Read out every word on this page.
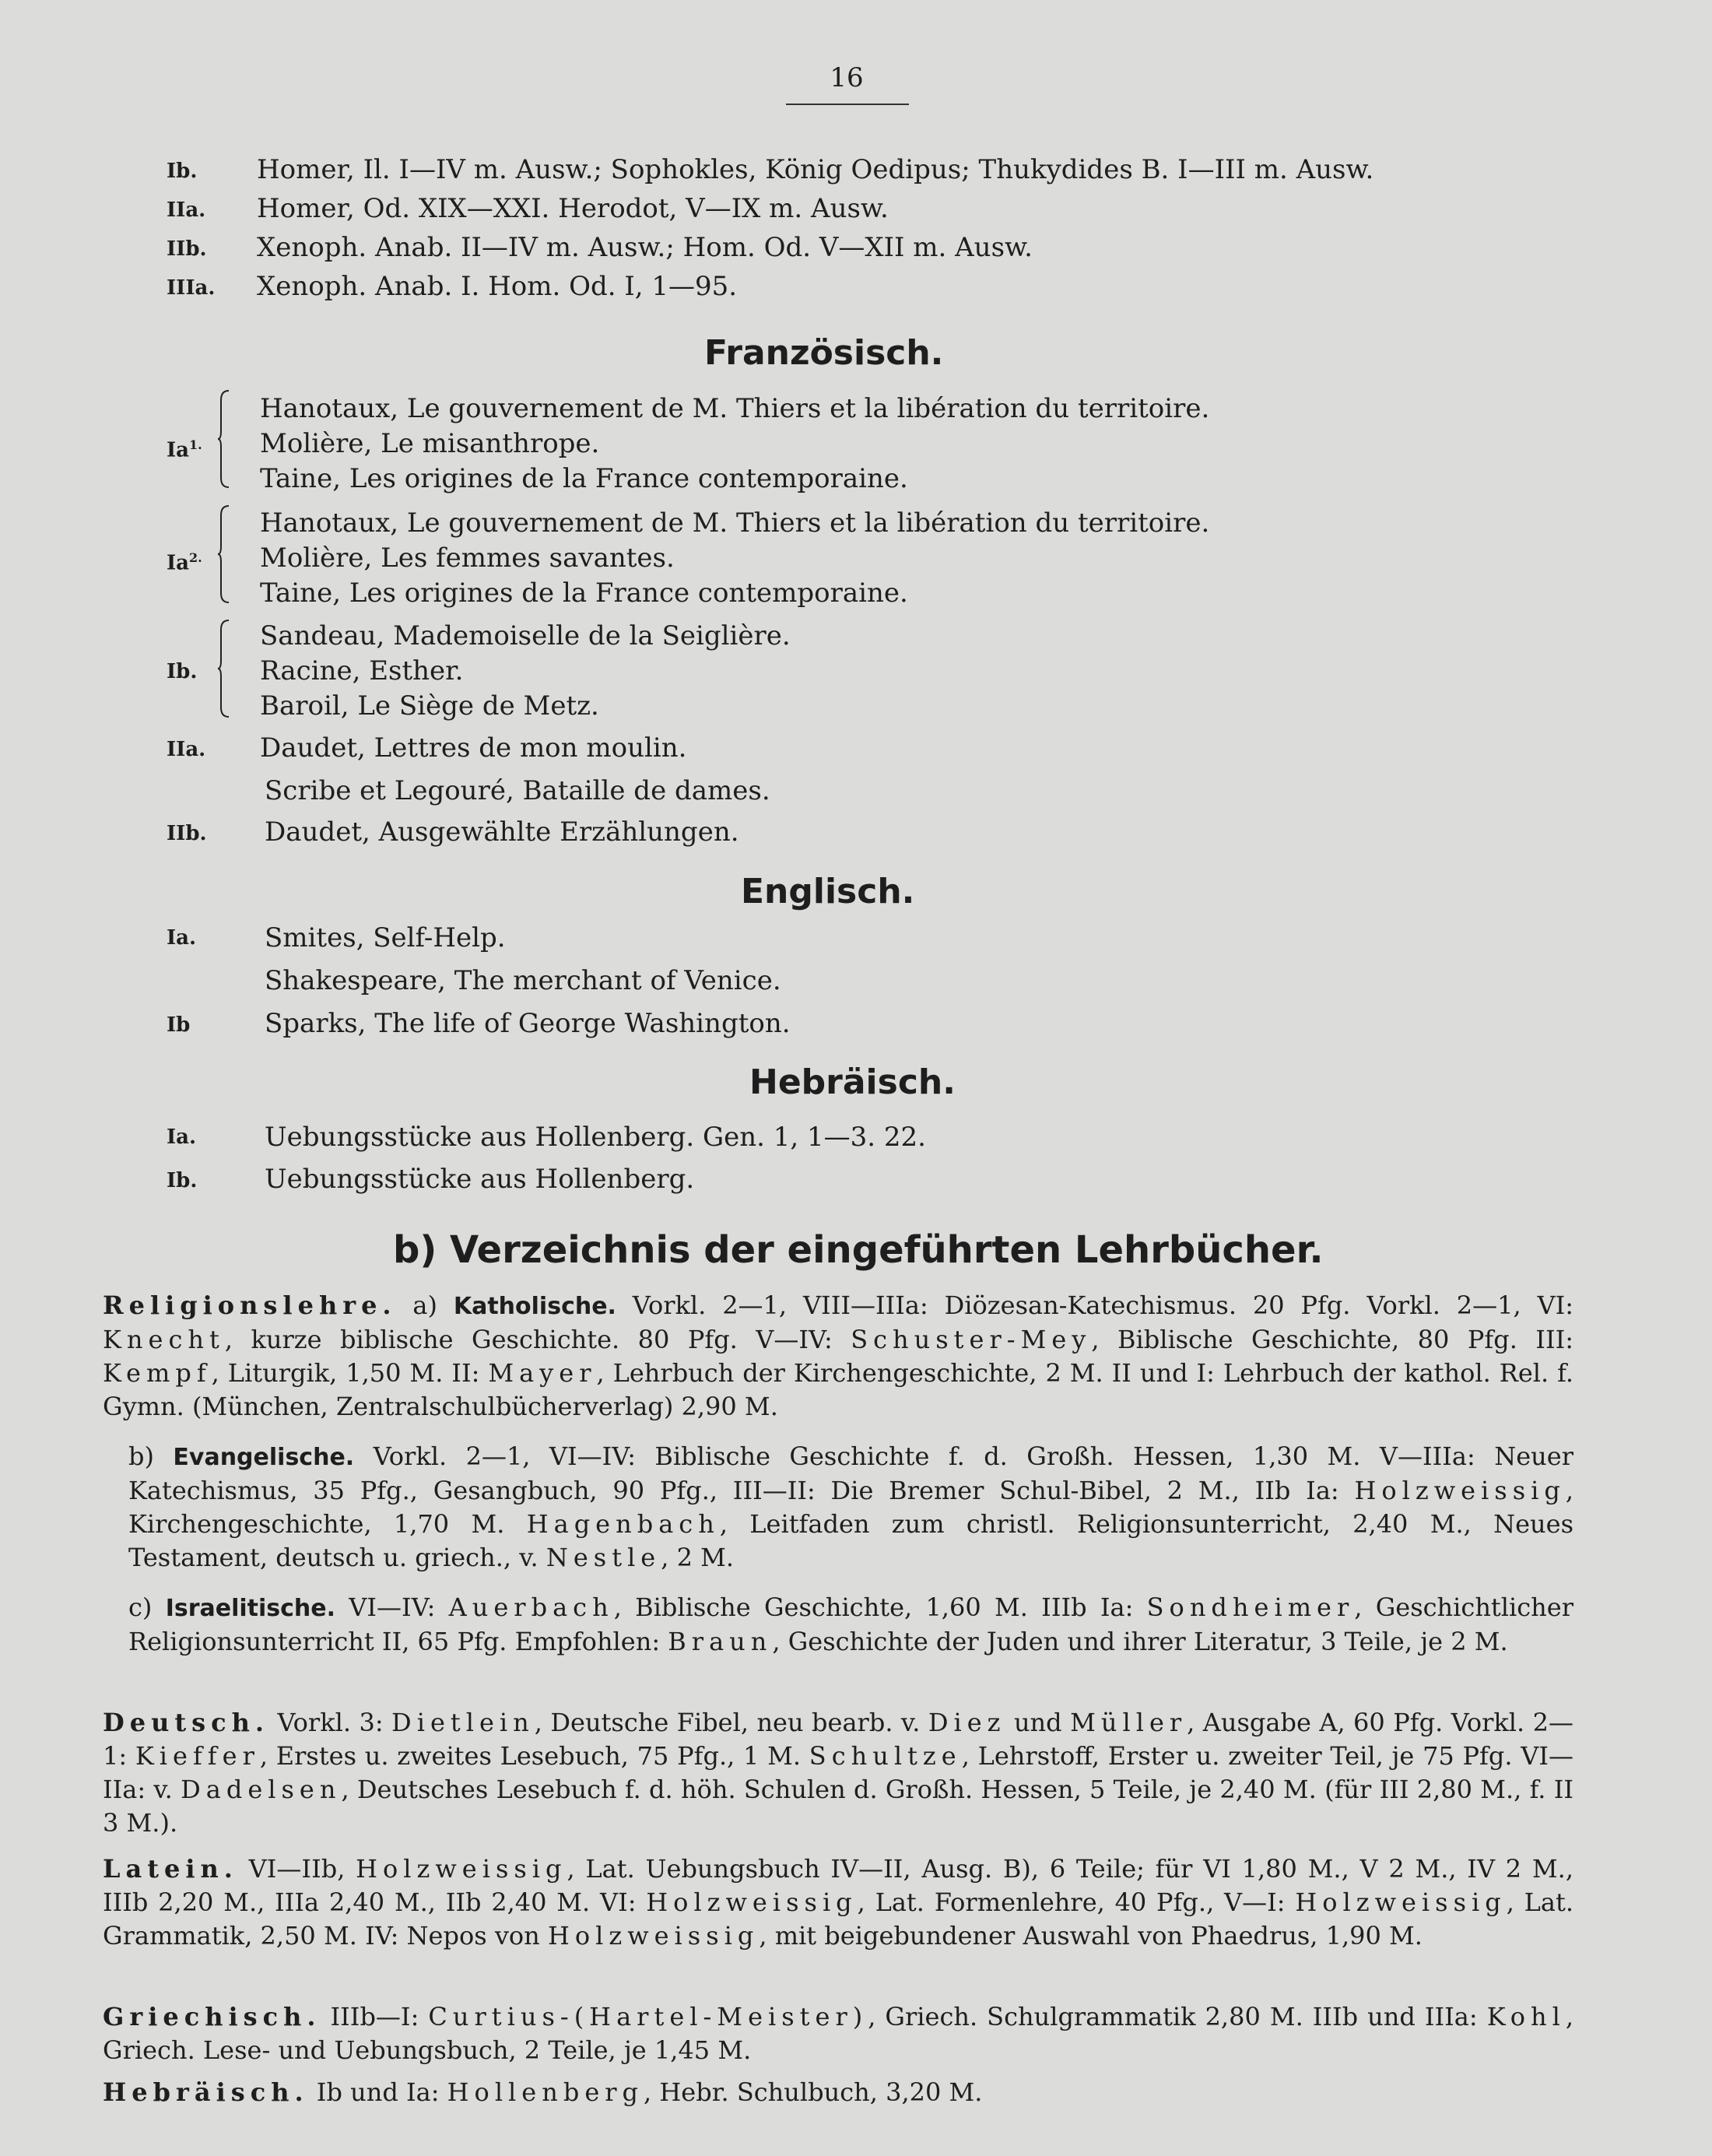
16
Ib. Homer, Il. I—IV m. Ausw.; Sophokles, König Oedipus; Thukydides B. I—III m. Ausw.
IIa. Homer, Od. XIX—XXI. Herodot, V—IX m. Ausw.
IIb. Xenoph. Anab. II—IV m. Ausw.; Hom. Od. V—XII m. Ausw.
IIIa. Xenoph. Anab. I. Hom. Od. I, 1—95.
Französisch.
$Ia^{1.}$
Hanotaux, Le gouvernement de M. Thiers et la libération du territoire.
Molière, Le misanthrope.
Taine, Les origines de la France contemporaine.
$Ia^{2.}$
Hanotaux, Le gouvernement de M. Thiers et la libération du territoire.
Molière, Les femmes savantes.
Taine, Les origines de la France contemporaine.
Ib.
Sandeau, Mademoiselle de la Seiglière.
Racine, Esther.
Baroil, Le Siège de Metz.
IIa. Daudet, Lettres de mon moulin.
Scribe et Legouré, Bataille de dames.
IIb. Daudet, Ausgewählte Erzählungen.
Englisch.
Ia.	Smites, Self-Help.
Shakespeare, The merchant of Venice.
Ib	Sparks, The life of George Washington.
Hebräisch.
Ia.	Uebungsstücke aus Hollenberg. Gen. 1, 1—3. 22.
Ib.	Uebungsstücke aus Hollenberg.
b) Verzeichnis der eingeführten Lehrbücher.
Religionslehre. a) Katholische. Vorkl. 2—1, VIII—IIIa: Diözesan-Katechismus. 20 Pfg. Vorkl. 2—1, VI: Knecht, kurze biblische Geschichte. 80 Pfg. V—IV: Schuster-Mey, Biblische Geschichte, 80 Pfg. III: Kempf, Liturgik, 1,50 M. II: Mayer, Lehrbuch der Kirchengeschichte, 2 M. II und I: Lehrbuch der kathol. Rel. f. Gymn. (München, Zentralschulbücherverlag) 2,90 M.
b) Evangelische. Vorkl. 2—1, VI—IV: Biblische Geschichte f. d. Großh. Hessen, 1,30 M. V—IIIa: Neuer Katechismus, 35 Pfg., Gesangbuch, 90 Pfg., III—II: Die Bremer Schul-Bibel, 2 M., IIb Ia: Holzweissig, Kirchengeschichte, 1,70 M. Hagenbach, Leitfaden zum christl. Religionsunterricht, 2,40 M., Neues Testament, deutsch u. griech., v. Nestle, 2 M.
c) Israelitische. VI—IV: Auerbach, Biblische Geschichte, 1,60 M. IIIb Ia: Sondheimer, Geschichtlicher Religionsunterricht II, 65 Pfg. Empfohlen: Braun, Geschichte der Juden und ihrer Literatur, 3 Teile, je 2 M.
Deutsch. Vorkl. 3: Dietlein, Deutsche Fibel, neu bearb. v. Diez und Müller, Ausgabe A, 60 Pfg. Vorkl. 2—1: Kieffer, Erstes u. zweites Lesebuch, 75 Pfg., 1 M. Schultze, Lehrstoff, Erster u. zweiter Teil, je 75 Pfg. VI—IIa: v. Dadelsen, Deutsches Lesebuch f. d. höh. Schulen d. Großh. Hessen, 5 Teile, je 2,40 M. (für III 2,80 M., f. II 3 M.).
Latein. VI—IIb, Holzweissig, Lat. Uebungsbuch IV—II, Ausg. B), 6 Teile; für VI 1,80 M., V 2 M., IV 2 M., IIIb 2,20 M., IIIa 2,40 M., IIb 2,40 M. VI: Holzweissig, Lat. Formenlehre, 40 Pfg., V—I: Holzweissig, Lat. Grammatik, 2,50 M. IV: Nepos von Holzweissig, mit beigebundener Auswahl von Phaedrus, 1,90 M.
Griechisch. IIIb—I: Curtius-(Hartel-Meister), Griech. Schulgrammatik 2,80 M. IIIb und IIIa: Kohl, Griech. Lese- und Uebungsbuch, 2 Teile, je 1,45 M.
Hebräisch. Ib und Ia: Hollenberg, Hebr. Schulbuch, 3,20 M.
